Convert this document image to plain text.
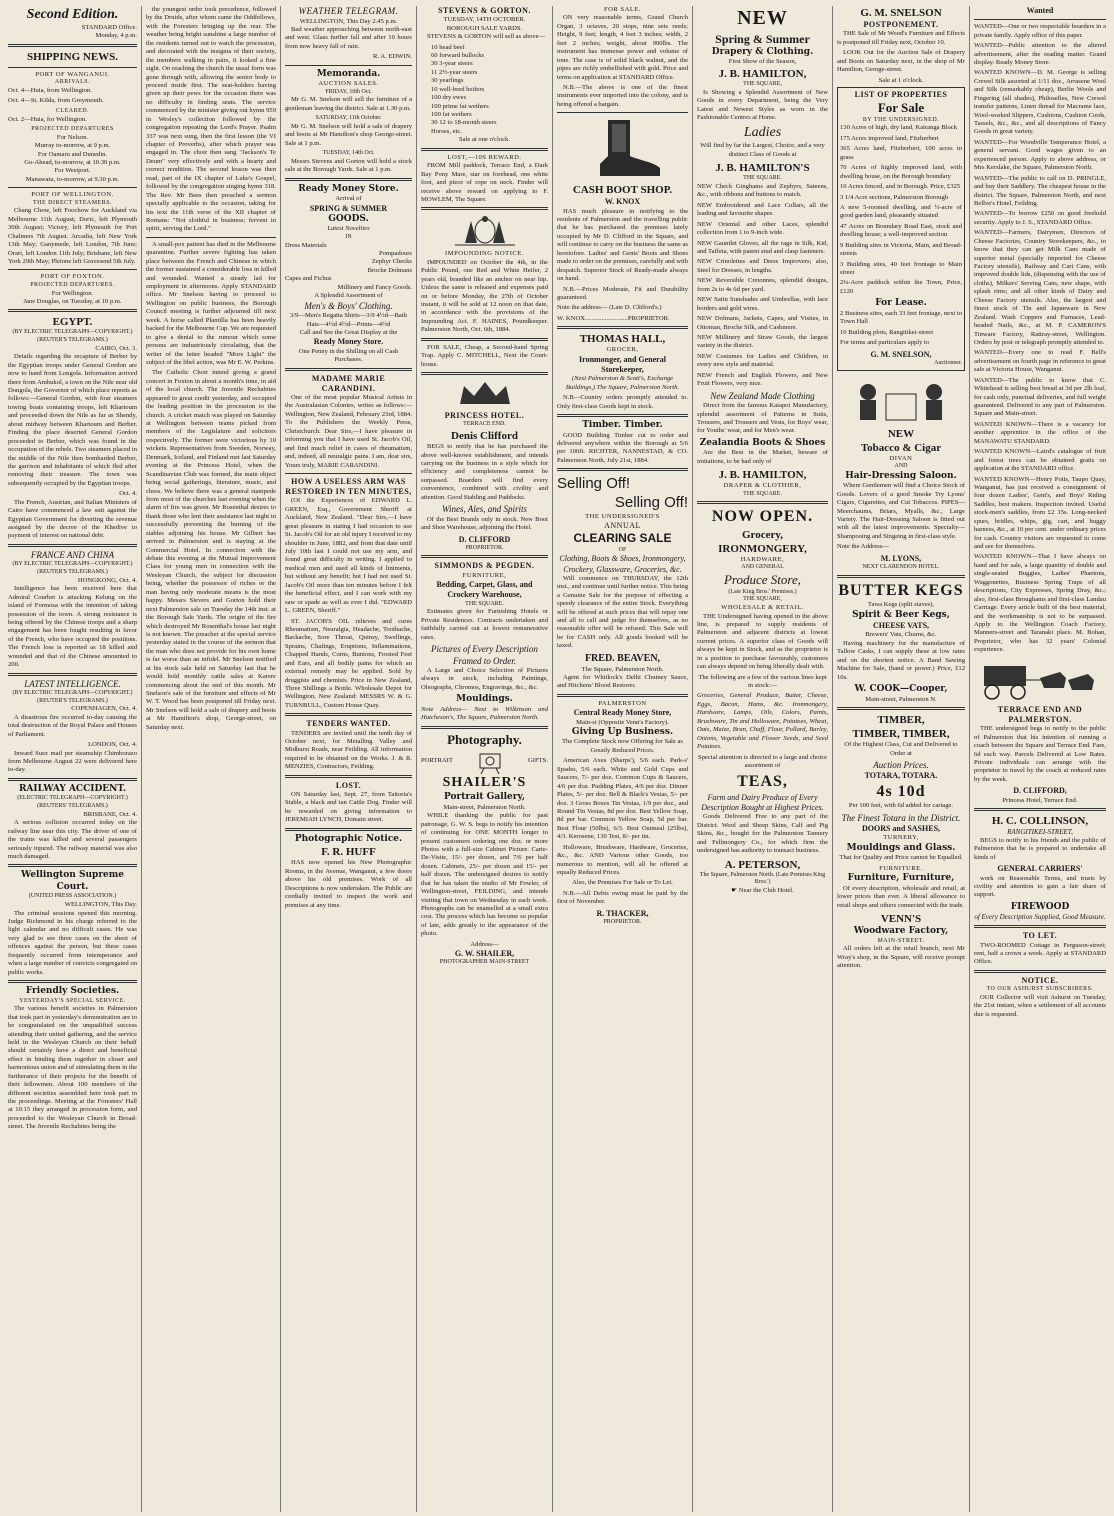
Second Edition.
STANDARD Office.
Monday, 4 p.m.
SHIPPING NEWS.
PORT OF WANGANUI.
ARRIVALS.

Oct. 4—Huia, from Wellington.

Oct. 4—St. Kilda, from Greymouth.

CLEARED.

Oct. 2—Huia, for Wellington.

PROJECTED DEPARTURES
For Nelson.
Murray to-morrow, at 9 p.m.
For Oamaru and Dunedin.
Go-Ahead, to-morrow, at 10.30 p.m.
For Westport.
Manawatu, to-morrow, at 9.30 p.m.
PORT OF WELLINGTON.
THE DIRECT STEAMERS.

Chang Chow, left Foochow for Auckland via Melbourne 11th August; Doric, left Plymouth 30th August; Victory, left Plymouth for Port Chalmers 7th August. Arcadia, left New York 13th May; Ganymede, left London, 7th June; Orari, left London 11th July; Brisbane, left New York 29th May; Pleione left Gravesend 5th July.

PORT OF FOXTON.
PROJECTED DEPARTURES.
For Wellington.
Jane Douglas, on Tuesday, at 10 p.m.
EGYPT.
(BY ELECTRIC TELEGRAPH—COPYRIGHT.) (REUTER'S TELEGRAMS.)
CAIRO, Oct. 3.

Details regarding the recapture of Berber by the Egyptian troops under General Gordon are now to hand from Longola. Information arrived there from Ambukol, a town on the Nile near old Dongola, the Governor of which place reports as follows:—General Gordon, with four steamers towing boats containing troops, left Khartoum and proceeded down the Nile as far as Shendy, about midway between Khartoum and Berber. Finding the place deserted General Gordon proceeded to Berber, which was found in the occupation of the rebels. Two steamers placed in the middle of the Nile then bombarded Berber, the garrison and inhabitants of which fled after removing their treasure. The town was subsequently occupied by the Egyptian troops.

Oct. 4.

The French, Austrian, and Italian Ministers of Cairo have commenced a law suit against the Egyptian Government for diverting the revenue assigned by the decree of the Khedive to payment of interest on national debt.

FRANCE AND CHINA
(BY ELECTRIC TELEGRAPH—COPYRIGHT.) (REUTER'S TELEGRAMS.)
HONGKONG, Oct. 4.

Intelligence has been received here that Admiral Courbet is attacking Kelung on the island of Formosa with the intention of taking possession of the town. A strong resistance is being offered by the Chinese troops and a sharp engagement has been fought resulting in favor of the French, who have occupied the positions. The French loss is reported as 18 killed and wounded and that of the Chinese amounted to 200.

LATEST INTELLIGENCE.
(BY ELECTRIC TELEGRAPH—COPYRIGHT.) (REUTER'S TELEGRAMS.)
COPENHAGEN, Oct. 4.

A disastrous fire occurred to-day causing the total destruction of the Royal Palace and Houses of Parliament.

LONDON, Oct. 4.

Inward Suez mail per steamship Chimborazo from Melbourne August 22 were delivered here to-day.

RAILWAY ACCIDENT.
(ELECTRIC TELEGRAPH—COPYRIGHT.) (REUTERS' TELEGRAMS.)
BRISBANE, Oct. 4.

A serious collision occurred today on the railway line near this city. The driver of one of the trains was killed and several passengers seriously injured. The railway material was also much damaged.

Wellington Supreme Court.
(UNITED PRESS ASSOCIATION.)
WELLINGTON, This Day.

The criminal sessions opened this morning. Judge Richmond in his charge referred to the light calendar and no difficult cases. He was very glad to see three cases on the sheet of offences against the person, but these cases frequently occurred from intemperance and when a large number of convicts congregated on public works.

Friendly Societies.
YESTERDAY'S SPECIAL SERVICE.

The various benefit societies in Palmerston that took part in yesterday's demonstration are to be congratulated on the unqualified success attending their united gathering, and the service held in the Wesleyan Church on their behalf should certainly have a direct and beneficial effect in binding them together in closer and harmonious union and of stimulating them in the furtherance of their projects for the benefit of their fellowmen. About 100 members of the different societies assembled here took part in the proceedings. Meeting at the Foresters' Hall at 10.15 they arranged in procession form, and proceeded to the Wesleyan Church in Broad-street. The Juvenile Rechabites being the

the youngest order took precedence, followed by the Druids, after whom came the Oddfellows, with the Foresters bringing up the rear. The weather being bright sunshine a large number of the residents turned out to watch the procession, and decorated with the insignia of their society, the members walking in pairs, it looked a fine sight. On reaching the church the usual form was gone through with, allowing the senior body to proceed inside first. The seat-holders having given up their pews for the occasion there was no difficulty in finding seats. The service commenced by the minister giving out hymn 959 in Wesley's collection followed by the congregation repeating the Lord's Prayer. Psalm 337 was next sung, then the first lesson (the VI chapter of Proverbs), after which prayer was engaged in. The choir then sang "Jackson's Te Deum" very effectively and with a hearty and correct rendition. The second lesson was then read, part of the IX chapter of Luke's Gospel, followed by the congregation singing hymn 318. The Rev. Mr Bees then preached a sermon specially applicable to the occasion, taking for his text the 11th verse of the XII chapter of Romans: "Not slothful in business; fervent in spirit, serving the Lord."

A small-pox patient has died in the Melbourne quarantine. Further severe fighting has taken place between the French and Chinese in which the former sustained a considerable loss in killed and wounded. Wanted a steady lad for employment in afternoons. Apply STANDARD office. Mr Snelson having to proceed to Wellington on public business, the Borough Council meeting is further adjourned till next week. A horse called Plantilla has been heavily backed for the Melbourne Cup. We are requested to give a denial to the rumour which some persons are industriously circulating, that the writer of the letter headed "More Light" the subject of the libel action, was Mr E. W. Perkins.

The Catholic Choir intend giving a grand concert in Foxton in about a month's time, in aid of the local church. The Juvenile Rechabites appeared to great credit yesterday, and occupied the leading position in the procession to the church. A cricket match was played on Saturday at Wellington between teams picked from members of the Legislature and solicitors respectively. The former were victorious by 10 wickets. Representatives from Sweden, Norway, Denmark, Iceland, and Finland met last Saturday evening at the Princess Hotel, when the Scandinavian Club was formed, the main object being social gatherings, literature, music, and chess. We believe there was a general stampede from most of the churches last evening when the alarm of fire was given. Mr Rosenthal desires to thank those who lent their assistance last night in successfully preventing the burning of the stables adjoining his house. Mr Gilbert has arrived in Palmerston and is staying at the Commercial Hotel. In connection with the debate this evening at the Mutual Improvement Class for young men in connection with the Wesleyan Church, the subject for discussion being, whether the possessor of riches or the man having only moderate means is the most happy. Messrs Sievers and Gorton hold their next Palmerston sale on Tuesday the 14th inst. at the Borough Sale Yards. The origin of the fire which destroyed Mr Rosenthal's house last night is not known. The preacher at the special service yesterday stated in the course of the sermon that the man who does not provide for his own home is far worse than an infidel. Mr Snelson notified at his stock sale held on Saturday last that he would hold monthly cattle sales at Karere commencing about the end of this month. Mr Snelson's sale of the furniture and effects of Mr W. T. Wood has been postponed till Friday next. Mr Snelson will hold a sale of drapery and boots at Mr Hamilton's shop, George-street, on Saturday next.

WEATHER TELEGRAM.
WELLINGTON, This Day 2.45 p.m.

Bad weather approaching between north-east and west. Glass further fall and after 10 hours from now heavy fall of rain.

R. A. EDWIN.
Memoranda.
AUCTION SALES.
FRIDAY, 10th Oct.

Mr G. M. Snelson will sell the furniture of a gentleman leaving the district. Sale at 1.30 p.m.

SATURDAY, 11th October.

Mr G. M. Snelson will hold a sale of drapery and boots at Mr Hamilton's shop George-street. Sale at 1 p.m.

TUESDAY, 14th Oct.

Messrs Stevens and Gorton will hold a stock sale at the Borough Yards. Sale at 1 p.m.

Ready Money Store.
Arrival of
SPRING & SUMMER
GOODS.
Latest Novelties
IN
Dress Materials
Pompadours
Zephyr Checks
Broche Dolmans
Capes and Fichus
Millinery and Fancy Goods.
A Splendid Assortment of
Men's & Boys' Clothing.
3/9—Men's Regatta Shirts—3/9 4½d—Bath Hats—4½d 4½d—Prints—4½d
Call and See the Great Display at the
Ready Money Store.
One Penny in the Shilling on all Cash Purchases.
MADAME MARIE CARANDINI.

One of the most popular Musical Artists in the Australasian Colonies, writes as follows:— Wellington, New Zealand, February 23rd, 1884. To the Publishers the Weekly Press, Christchurch. Dear Sirs,—I have pleasure in informing you that I have used St. Jacob's Oil, and find much relief in cases of rheumatism, and, indeed, all neuralgic pains. I am, dear sirs, Yours truly, MARIE CARANDINI.

HOW A USELESS ARM WAS RESTORED IN TEN MINUTES,

(Of the Experiences of EDWARD L. GREEN, Esq., Government Sheriff at Auckland, New Zealand. "Dear Sirs,—I have great pleasure in stating I had occasion to use St. Jacob's Oil for an old injury I received to my shoulder in June, 1882, and from that date until July 10th last I could not use my arm, and found great difficulty in writing. I applied to medical men and used all kinds of liniments, but without any benefit; but I had not used St. Jacob's Oil more than ten minutes before I felt the beneficial effect, and I can work with my saw or spade as well as ever I did. "EDWARD L. GREEN, Sheriff."

ST. JACOB'S OIL relieves and cures Rheumatism, Neuralgia, Headache, Toothache, Backache, Sore Throat, Quinsy, Swellings, Sprains, Chafings, Eruptions, Inflammations, Chapped Hands, Corns, Bunions, Frosted Feet and Ears, and all bodily pains for which an external remedy may be applied. Sold by druggists and chemists. Price in New Zealand, Three Shillings a Bottle. Wholesale Depot for Wellington, New Zealand: MESSRS W. & G. TURNBULL, Custom House Quay.

TENDERS WANTED.

TENDERS are invited until the tenth day of October next, for Metalling Valley and Midhurst Roads, near Feilding. All information required to be obtained on the Works. J. & R. MENZIES, Contractors, Feilding.

LOST.

ON Saturday last, Sept. 27, from Taitoria's Stable, a black and tan Cattle Dog. Finder will be rewarded on giving information to JEREMIAH LYNCH, Domain street.

Photographic Notice.
F. R. HUFF

HAS now opened his New Photographic Rooms, in the Avenue, Wanganui, a few doors above his old premises. Work of all Descriptions is now undertaken. The Public are cordially invited to inspect the work and premises at any time.

STEVENS & GORTON.
TUESDAY, 14TH OCTOBER.
BOROUGH SALE YARDS.

STEVENS & GORTON will sell as above—

10 head beef
60 forward bullocks
30 3-year steers
11 2½-year steers
30 yearlings
10 well-bred heifers
100 dry ewes
100 prime fat wethers
100 fat wethers
30 12 to 18-month steers
Horses, etc.
Sale at one o'clock.
LOST,—10S REWARD.

FROM Mill paddock, Terrace End, a Dark Bay Pony Mare, star on forehead, one white foot, and piece of rope on neck. Finder will receive above reward on applying to F. MOWLEM, The Square.

IMPOUNDING NOTICE.

IMPOUNDED on October the 4th, in the Public Pound, one Red and White Heifer, 2 years old, branded like an anchor on near hip. Unless the same is released and expenses paid on or before Monday, the 27th of October instant, it will be sold at 12 noon on that date, in accordance with the provisions of the Impounding Act. F. HAINES, Poundkeeper. Palmerston North, Oct. 6th, 1884.

FOR SALE, Cheap, a Second-hand Spring Trap. Apply C. MITCHELL, Next the Court-house.

PRINCESS HOTEL.
TERRACE END.
Denis Clifford

BEGS to notify that he has purchased the above well-known establishment, and intends carrying on the business in a style which for efficiency and completeness cannot be surpassed. Boarders will find every convenience, combined with civility and attention. Good Stabling and Paddocks.

Wines, Ales, and Spirits

Of the Best Brands only in stock. New Boot and Shoe Warehouse, adjoining the Hotel.

D. CLIFFORD
PROPRIETOR.
SIMMONDS & PEGDEN.
FURNITURE,
Bedding, Carpet, Glass, and Crockery Warehouse,
THE SQUARE.

Estimates given for Furnishing Hotels or Private Residences. Contracts undertaken and faithfully carried out at lowest remunerative rates.

Pictures of Every Description Framed to Order.

A Large and Choice Selection of Pictures always in stock, including Paintings, Oleographs, Chromos, Engravings, &c., &c.

Mouldings.

Note Address— Next to Wilkinson and Hutcheson's, The Square, Palmerston North.

Photography.
PORTRAIT	GIFTS.
SHAILER'S
Portrait Gallery,
Main-street, Palmerston North.

WHILE thanking the public for past patronage, G. W. S. begs to notify his intention of continuing for ONE MONTH longer to present customers ordering one doz. or more Photos with a full-size Cabinet Picture. Carte-De-Visite, 15/- per dozen, and 7/6 per half dozen. Cabinets, 25/- per dozen and 15/- per half dozen. The undersigned desires to notify that he has taken the studio of Mr Fowler, of Wellington-street, FEILDING, and intends visiting that town on Wednesday in each week. Photographs can be enamelled at a small extra cost. The process which has become so popular of late, adds greatly to the appearance of the photo.

Address—
G. W. SHAILER,
PHOTOGRAPHER MAIN-STREET
FOR SALE.

ON very reasonable terms, Grand Church Organ, 3 octaves, 20 stops, nine sets reeds; Height, 9 feet; length, 4 feet 3 inches; width, 2 feet 2 inches; weight, about 900lbs. The instrument has immense power and volume of tone. The case is of solid black walnut, and the pipes are richly embellished with gold. Price and terms on application at STANDARD Office.

N.B.—The above is one of the finest instruments ever imported into the colony, and is being offered a bargain.

CASH BOOT SHOP.
W. KNOX

HAS much pleasure in notifying to the residents of Palmerston and the travelling public that he has purchased the premises lately occupied by Mr D. Clifford in the Square, and will continue to carry on the business the same as heretofore. Ladies' and Gents' Boots and Shoes made to order on the premises, carefully and with despatch. Superior Stock of Ready-made always on hand.

N.B.—Prices Moderate, Fit and Durability guaranteed.

Note the address— (Late D. Clifford's.)

W. KNOX..........................PROPRIETOR.
THOMAS HALL,
GROCER,
Ironmonger, and General Storekeeper,

(Next Palmerston & Scott's, Exchange Buildings,) The Square, Palmerston North.

N.B—Country orders promptly attended to. Only first-class Goods kept in stock.

Timber. Timber.

GOOD Building Timber cut to order and delivered anywhere within the Borough at 5/6 per 100ft. RICHTER, NANNESTAD, & CO. Palmerston North, July 21st, 1884.

Selling Off!
Selling Off!
THE UNDERSIGNED'S
ANNUAL
CLEARING SALE
OF
Clothing, Boots & Shoes, Ironmongery, Crockery, Glassware, Groceries, &c.

Will commence on THURSDAY, the 12th inst., and continue until further notice. This being a Genuine Sale for the purpose of effecting a speedy clearance of the entire Stock. Everything will be offered at such prices that will repay one and all to call and judge for themselves, as no reasonable offer will be refused. This Sale will be for CASH only. All goods booked will be taxed.

FRED. BEAVEN,
The Square, Palmerston North.

Agent for Whitlock's Delhi Chutney Sauce, and Hitchens' Blood Restorer.

PALMERSTON
Central Ready Money Store,
Main-st (Opposite Venn's Factory).
Giving Up Business.

The Complete Stock now Offering for Sale as Greatly Reduced Prices.

American Axes (Sharps'), 5/6 each. Park-s' Spades, 5/6 each. White and Gold Cups and Saucers, 7/- per doz. Common Cups & Saucers, 4/6 per doz. Pudding Plates, 4/6 per doz. Dinner Plates, 5/- per doz. Bell & Black's Vestas, 5/- per doz. 3 Gross Boxes Tin Vestas, 1/9 per doz., and Round Tin Vestas, 8d per doz. Best Yellow Soap, 8d per bar. Common Yellow Soap, 5d per bar. Best Flour (50lbs), 6/3. Best Oatmeal (25lbs), 4/3. Kerosene, 130 Test, 8/- per tin.

Holloware, Brushware, Hardware, Groceries, &c., &c. AND Various other Goods, too numerous to mention, will all be offered at equally Reduced Prices.

Also, the Premises For Sale or To Let.

N.B.—All Debts owing must be paid by the first of November.

R. THACKER,
PROPRIETOR.
NEW
Spring & Summer
Drapery & Clothing.
First Show of the Season,
J. B. HAMILTON,
THE SQUARE,

Is Showing a Splendid Assortment of New Goods in every Department, being the Very Latest and Newest Styles as worn in the Fashionable Centres at Home.

Ladies

Will find by far the Largest, Choice, and a very distinct Class of Goods at

J. B. HAMILTON'S
THE SQUARE.

NEW Check Ginghams and Zephyrs, Sateens, &c., with ribbons and buttons to match.

NEW Embroidered and Lace Collars, all the leading and favourite shapes.

NEW Oriental and other Laces, splendid collection from 1 to 9-inch wide.

NEW Gauntlet Gloves, all the rage in Silk, Kid, and Taffeta, with patent stud and clasp fasteners.

NEW Crinolettes and Dress Improvers; also, Steel for Dresses, in lengths.

NEW Reversible Cretonnes, splendid designs, from 2s to 4s 6d per yard.

NEW Satin Sunshades and Umbrellas, with lace borders and gold wires.

NEW Dolmans, Jackets, Capes, and Visites, in Ottoman, Broche Silk, and Cashmere.

NEW Millinery and Straw Goods, the largest variety in the district.

NEW Costumes for Ladies and Children, in every new style and material.

NEW French and English Flowers, and New Fruit Flowers, very nice.

New Zealand Made Clothing

Direct from the famous Kaiapoi Manufactory, splendid assortment of Patterns in Suits, Trousers, and Trousers and Vests, for Boys' wear, for Youths' wear, and for Men's wear.

Zealandia Boots & Shoes

Are the Best in the Market, beware of imitations, to be had only of

J. B. HAMILTON,
DRAPER & CLOTHIER,
THE SQUARE.
NOW OPEN.
Grocery,
IRONMONGERY,
HARDWARE,
AND GENERAL
Produce Store,
(Late King Bros.' Premises.)
THE SQUARE,
WHOLESALE & RETAIL.

THE Undersigned having opened in the above line, is prepared to supply residents of Palmerston and adjacent districts at lowest current prices. A superior class of Goods will always be kept in Stock, and as the proprietor is in a position to purchase favourably, customers can always depend on being liberally dealt with.

The following are a few of the various lines kept in stock:—

Groceries, General Produce, Butter, Cheese, Eggs, Bacon, Hams, &c. Ironmongery, Hardware, Lamps, Oils, Colors, Paints, Brushware, Tin and Holloware, Potatoes, Wheat, Oats, Maize, Bran, Chaff, Flour, Pollard, Barley, Onions, Vegetable and Flower Seeds, and Seed Potatoes.

Special attention is directed to a large and choice assortment of

TEAS,
Farm and Dairy Produce of Every Description Bought at Highest Prices.

Goods Delivered Free to any part of the District. Wool and Sheep Skins, Calf and Pig Skins, &c., bought for the Palmerston Tannery and Fellmongery Co., for which firm the undersigned has authority to transact business.

A. PETERSON,
The Square, Palmerston North. (Late Premises King Bros.')
☛ Near the Club Hotel.
G. M. SNELSON
POSTPONEMENT.

THE Sale of Mr Wood's Furniture and Effects is postponed till Friday next, October 10.

LOOK Out for the Auction Sale of Drapery and Boots on Saturday next, in the shop of Mr Hamilton, George-street.

Sale at 1 o'clock.
LIST OF PROPERTIES
For Sale
BY THE UNDERSIGNED.

130 Acres of high, dry land, Kairanga Block

175 Acres improved land, Fitzherbert

365 Acres land, Fitzherbert, 100 acres in grass

70 Acres of highly improved land, with dwelling house, on the Borough boundary

10 Acres fenced, and in Borough. Price, £325

3 1/4 Acre sections, Palmerston Borough

A new 5-roomed dwelling, and ½-acre of good garden land, pleasantly situated

47 Acres on Boundary Road East, stock and dwelling house; a well-improved section

9 Building sites in Victoria, Main, and Broad-streets

3 Building sites, 40 feet frontage to Main street

2¼-Acre paddock within the Town, Price, £120

For Lease.

2 Business sites, each 33 feet frontage, next to Town Hall

10 Building plots, Rangitikei-street

For terms and particulars apply to

G. M. SNELSON,
Auctioneer.
NEW
Tobacco & Cigar
DIVAN
AND
Hair-Dressing Saloon.

Where Gentlemen will find a Choice Stock of Goods. Lovers of a good Smoke Try Lyons' Cigars, Cigarettes, and Cut Tobaccos. PIPES—Meerchaums, Briars, Myalls, &c., Large Variety. The Hair-Dressing Saloon is fitted out with all the latest improvements. Specialty—Shampooing and Singeing in first-class style.

Note the Address—

M. LYONS,
NEXT CLARENDON HOTEL.
BUTTER KEGS
Tawa Kegs (split staves),
Spirit & Beer Kegs,
CHEESE VATS,
Brewers' Vats, Churns, &c.

Having machinery for the manufacture of Tallow Casks, I can supply these at low rates and on the shortest notice. A Band Sawing Machine for Sale, (hand or power.) Price, £12 10s.

W. COOK—Cooper,
Main-street, Palmerston N.
TIMBER,
TIMBER, TIMBER,

Of the Highest Class, Cut and Delivered to Order at

Auction Prices.
TOTARA, TOTARA.
4s 10d

Per 100 feet, with 6d added for cartage.

The Finest Totara in the District.
DOORS and SASHES,
TURNERY,
Mouldings and Glass.

That for Quality and Price cannot be Equalled.

FURNITURE.
Furniture, Furniture,

Of every description, wholesale and retail, at lower prices than ever. A liberal allowance to retail shops and others connected with the trade.

VENN'S
Woodware Factory,
MAIN-STREET.

All orders left at the retail branch, next Mr Wray's shop, in the Square, will receive prompt attention.

Wanted

WANTED—One or two respectable boarders in a private family. Apply office of this paper.

WANTED—Public attention to the altered advertisement, after the reading matter. Grand display. Ready Money Store.

WANTED KNOWN—D. M. George is selling Crewel Silk assorted at 1/11 doz., Arrasene Wool and Silk (remarkably cheap), Berlin Wools and Fingering (all shades), Philoselles, New Crewel transfer patterns, Linen thread for Macrame lace, Wool-worked Slippers, Cushions, Cushion Cords, Tassels, &c., &c., and all descriptions of Fancy Goods in great variety.

WANTED—For Woodville Temperance Hotel, a general servant. Good wages given to an experienced person. Apply to above address, or Mrs Kerslake, the Square, Palmerston North.

WANTED—The public to call on D. PRINGLE, and buy their Saddlery. The cheapest house in the district. The Square, Palmerston North, and next Bellve's Hotel, Feilding.

WANTED—To borrow £250 on good freehold security. Apply to J. S., STANDARD Office.

WANTED—Farmers, Dairymen, Directors of Cheese Factories, Country Storekeepers, &c., to know that they can get Milk Cans made of superior metal (specially imported for Cheese Factory utensils), Railway and Cart Cans, with improved double lids, (dispensing with the use of cloths), Milkers' Serving Cans, new shape, with splash rims; and all other kinds of Dairy and Cheese Factory utensils. Also, the largest and finest stock of Tin and Japanware in New Zealand. Wash Coppers and Furnaces, Lead-headed Nails, &c., at M. P. CAMERON'S Tinware Factory, Rattray-street, Wellington. Orders by post or telegraph promptly attended to.

WANTED—Every one to read F. Bell's advertisement on fourth page in reference to great sale at Victoria House, Wanganui.

WANTED—The public to know that C. Whitehead is selling best bread at 3d per 2lb loaf, for cash only, punctual deliveries, and full weight guaranteed. Delivered to any part of Palmerston. Square and Main-street.

WANTED KNOWN—There is a vacancy for another apprentice in the office of the MANAWATU STANDARD.

WANTED KNOWN—Laird's catalogue of fruit and forest trees can be obtained gratis on application at the STANDARD office.

WANTED KNOWN—Henry Potts, Taupo Quay, Wanganui, has just received a consignment of four dozen Ladies', Gent's, and Boys' Riding Saddles, best makers. Inspection invited. Useful stock-men's saddles, from £2 15s. Long-necked spurs, bridles, whips, gig, cart, and buggy harness, &c., at 10 per cent. under ordinary prices for cash. Country visitors are requested to come and see for themselves.

WANTED KNOWN—That I have always on hand and for sale, a large quantity of double and single-seated Buggies, Ladies' Phaetons, Waggonettes, Business Spring Traps of all descriptions, City Expresses, Spring Dray, &c.; also, first-class Broughams and first-class Landau Carriage. Every article built of the best material, and the workmanship is not to be surpassed. Apply to the Wellington Coach Factory, Manners-street and Taranaki place. M. Bohan, Proprietor, who has 32 years' Colonial experience.

TERRACE END AND PALMERSTON.

THE undersigned begs to notify to the public of Palmerston that his intention of running a coach between the Square and Terrace End. Fare, 6d each way. Parcels Delivered at Low Rates. Private individuals can arrange with the proprietor to travel by the coach at reduced rates by the week.

D. CLIFFORD,
Princess Hotel, Terrace End.
H. C. COLLINSON,
RANGITIKEI-STREET,

BEGS to notify to his friends and the public of Palmerston that he is prepared to undertake all kinds of

GENERAL CARRIERS'

work on Reasonable Terms, and trusts by civility and attention to gain a fair share of support.

FIREWOOD
of Every Description Supplied, Good Measure.
TO LET.

TWO-ROOMED Cottage in Ferguson-street; rent, half a crown a week. Apply at STANDARD Office.

NOTICE.
TO OUR ASHURST SUBSCRIBERS.

OUR Collector will visit Ashurst on Tuesday, the 21st instant, when a settlement of all accounts due is requested.
